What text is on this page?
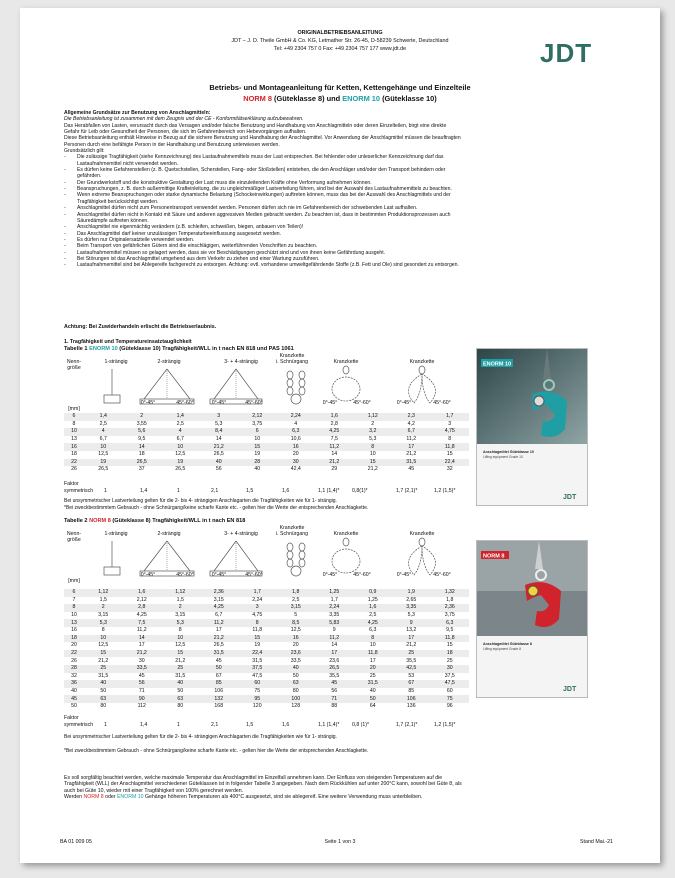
ORIGINALBETRIEBSANLEITUNG
JDT – J. D. Theile GmbH & Co. KG, Letmather Str. 26-45, D-58239 Schwerte, Deutschland
Tel: +49 2304 757 0 Fax: +49 2304 757 177 www.jdt.de	JDT
Betriebs- und Montageanleitung für Ketten, Kettengehänge und Einzelteile
NORM 8 (Güteklasse 8) und ENORM 10 (Güteklasse 10)

Allgemeine Grundsätze zur Benutzung von Anschlagmitteln:

Die Betriebsanleitung ist zusammen mit dem Zeugnis und der CE - Konformitätserklärung aufzubewahren.

Das Herabfallen von Lasten, verursacht durch das Versagen und/oder falsche Benutzung und Handhabung von Anschlagmitteln oder deren Einzelteilen, birgt eine direkte

Gefahr für Leib oder Gesundheit der Personen, die sich im Gefahrenbereich von Hebevorgängen aufhalten.

Diese Betriebsanleitung enthält Hinweise in Bezug auf die sichere Benutzung und Handhabung der Anschlagmittel. Vor Anwendung der Anschlagmittel müssen die beauftragten

Personen durch eine befähigte Person in der Handhabung und Benutzung unterwiesen werden.

Grundsätzlich gilt:

- Die zulässige Tragfähigkeit (siehe Kennzeichnung) des Lastaufnahmemittels muss der Last entsprechen. Bei fehlender oder unleserlicher Kennzeichnung darf das

Lastaufnahmemittel nicht verwendet werden.

- Es dürfen keine Gefahrenstellen (z. B. Quetschstellen, Scherstellen, Fang- oder Stoßstellen) entstehen, die den Anschläger und/oder den Transport behindern oder

gefährden.

- Der Grundwerkstoff und die konstruktive Gestaltung der Last muss die einzuleitenden Kräfte ohne Verformung aufnehmen können.

- Beanspruchungen, z. B. durch außermittige Krafteinleitung, die zu ungleichmäßiger Lastverteilung führen, sind bei der Auswahl des Lastaufnahmemittels zu beachten.

- Wenn extreme Beanspruchungen oder starke dynamische Belastung (Schockeinwirkungen) auftreten können, muss das bei der Auswahl des Anschlagmittels und der

Tragfähigkeit berücksichtigt werden.

- Anschlagmittel dürfen nicht zum Personentransport verwendet werden. Personen dürfen sich nie im Gefahrenbereich der schwebenden Last aufhalten.

- Anschlagmittel dürfen nicht in Kontakt mit Säure und anderen aggressiven Medien gebracht werden. Zu beachten ist, dass in bestimmten Produktionsprozessen auch

Säuredämpfe auftreten können.

- Anschlagmittel nie eigenmächtig verändern (z.B. schleifen, schweißen, biegen, anbauen von Teilen)!

- Das Anschlagmittel darf keiner unzulässigen Temperaturbeeinflussung ausgesetzt werden.

- Es dürfen nur Originalersatzteile verwendet werden.

- Beim Transport von gefährlichen Gütern sind die einschlägigen, weiterführenden Vorschriften zu beachten.

- Lastaufnahmemittel müssen so gelagert werden, dass sie vor Beschädigungen geschützt sind und von ihnen keine Gefährdung ausgeht.

- Bei Störungen ist das Anschlagmittel umgehend aus dem Verkehr zu ziehen und einer Wartung zuzuführen.

- Lastaufnahmemittel sind bei Ablegereife fachgerecht zu entsorgen. Achtung: evtl. vorhandene umweltgefährdende Stoffe (z.B. Fett und Öle) sind gesondert zu entsorgen.

Achtung: Bei Zuwiderhandeln erlischt die Betriebserlaubnis.
1. Tragfähigkeit und Temperatureinsatztauglichkeit
Tabelle 1 ENORM 10 (Güteklasse 10) Tragfähigkeit/WLL in t nach EN 818 und PAS 1061
Nenn-
größe
1-strängig	2-strängig	3- + 4-strängig
Kranzkette
i. Schnürgang	Kranzkette	Kranzkette
0°-45°	45°-60°	0°-45°	45°-60°	0°-45°	45°-60°	0°-45°	45°-60°
[mm]
6	1,4	2	1,4	3	2,12	2,24	1,6	1,12	2,3	1,7
8	2,5	3,55	2,5	5,3	3,75	4	2,8	2	4,2	3
10	4	5,6	4	8,4	6	6,3	4,25	3,2	6,7	4,75
13	6,7	9,5	6,7	14	10	10,6	7,5	5,3	11,2	8
16	10	14	10	21,2	15	16	11,2	8	17	11,8
18	12,5	18	12,5	26,5	19	20	14	10	21,2	15
22	19	26,5	19	40	28	30	21,2	15	31,5	22,4
26	26,5	37	26,5	56	40	42,4	29	21,2	45	32
Faktor
symmetrisch 1	1,4	1	2,1	1,5	1,6	1,1 (1,4)* 0,8(1)*	1,7 (2,1)*	1,2 (1,5)*
Bei unsymmetrischer Lastverteilung gelten für die 2- bis 4- strängigen Anschlagarten die Tragfähigkeiten wie für 1- strängig.
*Bei zweckbestimmtem Gebrauch - ohne Schnürgang/keine scharfe Kante etc. - gelten hier die Werte der entsprechenden Anschlagkette.
Tabelle 2 NORM 8 (Güteklasse 8) Tragfähigkeit/WLL in t nach EN 818
Nenn-
größe
1-strängig	2-strängig	3- + 4-strängig
Kranzkette
i. Schnürgang	Kranzkette	Kranzkette
0°-45°	45°-60°	0°-45°	45°-60°	0°-45°	45°-60°	0°-45°	45°-60°
[mm]
6	1,12	1,6	1,12	2,36	1,7	1,8	1,25	0,9	1,9	1,32
7	1,5	2,12	1,5	3,15	2,24	2,5	1,7	1,25	2,65	1,8
8	2	2,8	2	4,25	3	3,15	2,24	1,6	3,35	2,36
10	3,15	4,25	3,15	6,7	4,75	5	3,35	2,5	5,3	3,75
13	5,3	7,5	5,3	11,2	8	8,5	5,83	4,25	9	6,3
16	8	11,2	8	17	11,8	12,5	9	6,3	13,2	9,5
18	10	14	10	21,2	15	16	11,2	8	17	11,8
20	12,5	17	12,5	26,5	19	20	14	10	21,2	15
22	15	21,2	15	31,5	22,4	23,6	17	11,8	25	18
26	21,2	30	21,2	45	31,5	33,5	23,6	17	35,5	25
28	25	33,5	25	50	37,5	40	26,5	20	42,5	30
32	31,5	45	31,5	67	47,5	50	35,5	25	53	37,5
36	40	56	40	85	60	63	45	31,5	67	47,5
40	50	71	50	106	75	80	56	40	85	60
45	63	90	63	132	95	100	71	50	106	75
50	80	112	80	168	120	128	88	64	136	96
Faktor
symmetrisch 1	1,4	1	2,1	1,5	1,6	1,1 (1,4)* 0,8 (1)*	1,7 (2,1)*	1,2 (1,5)*
Bei unsymmetrischer Lastverteilung gelten für die 2- bis 4- strängigen Anschlagarten die Tragfähigkeiten wie für 1- strängig.
*Bei zweckbestimmtem Gebrauch - ohne Schnürgang/keine scharfe Kante etc. - gelten hier die Werte der entsprechenden Anschlagkette.
ENORM 10
Anschlagmittel Güteklasse 10
Lifting equipment Grade 10
JDT
NORM 8
Anschlagmittel Güteklasse 8
Lifting equipment Grade 8
JDT

Es soll sorgfältig beachtet werden, welche maximale Temperatur das Anschlagmittel im Einzelfall annehmen kann. Der Einfluss von steigenden Temperaturen auf die

Tragfähigkeit (WLL) der Anschlagmittel verschiedener Güteklassen ist in folgender Tabelle 3 angegeben. Nach dem Rückkühlen auf unter 200°C kann, sowohl bei Güte 8, als

auch bei Güte 10, wieder mit einer Tragfähigkeit von 100% gerechnet werden.

Werden NORM 8 oder ENORM 10 Gehänge höheren Temperaturen als 400°C ausgesetzt, sind sie ablegereif. Eine weitere Verwendung muss unterbleiben.

BA 01 009 05	Seite 1 von 3	Stand Mai.-21
